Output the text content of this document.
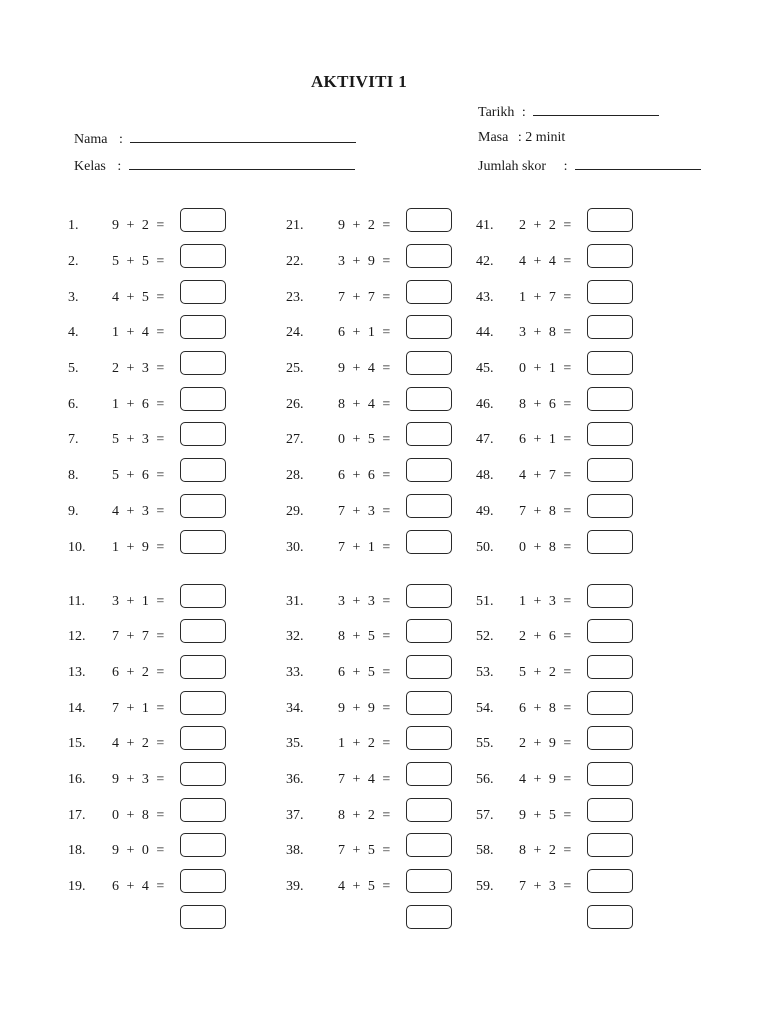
AKTIVITI 1
Tarikh :
Masa : 2 minit
Jumlah skor :
Nama :
Kelas :
1. 9 + 2 =
2. 5 + 5 =
3. 4 + 5 =
4. 1 + 4 =
5. 2 + 3 =
6. 1 + 6 =
7. 5 + 3 =
8. 5 + 6 =
9. 4 + 3 =
10. 1 + 9 =
11. 3 + 1 =
12. 7 + 7 =
13. 6 + 2 =
14. 7 + 1 =
15. 4 + 2 =
16. 9 + 3 =
17. 0 + 8 =
18. 9 + 0 =
19. 6 + 4 =
21. 9 + 2 =
22. 3 + 9 =
23. 7 + 7 =
24. 6 + 1 =
25. 9 + 4 =
26. 8 + 4 =
27. 0 + 5 =
28. 6 + 6 =
29. 7 + 3 =
30. 7 + 1 =
31. 3 + 3 =
32. 8 + 5 =
33. 6 + 5 =
34. 9 + 9 =
35. 1 + 2 =
36. 7 + 4 =
37. 8 + 2 =
38. 7 + 5 =
39. 4 + 5 =
41. 2 + 2 =
42. 4 + 4 =
43. 1 + 7 =
44. 3 + 8 =
45. 0 + 1 =
46. 8 + 6 =
47. 6 + 1 =
48. 4 + 7 =
49. 7 + 8 =
50. 0 + 8 =
51. 1 + 3 =
52. 2 + 6 =
53. 5 + 2 =
54. 6 + 8 =
55. 2 + 9 =
56. 4 + 9 =
57. 9 + 5 =
58. 8 + 2 =
59. 7 + 3 =
